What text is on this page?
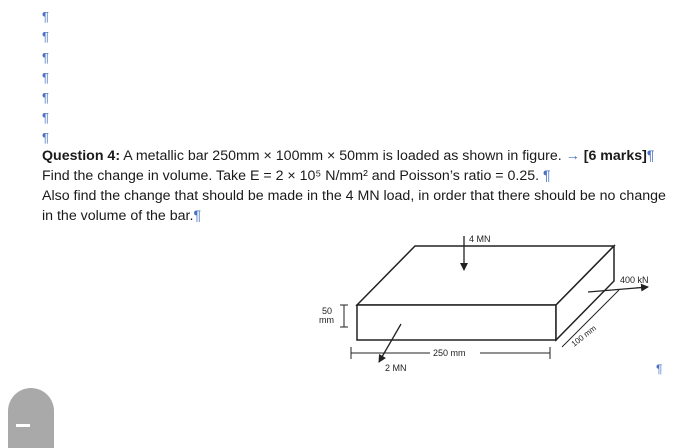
¶
¶
¶
¶
¶
¶
¶
Question 4: A metallic bar 250mm × 100mm × 50mm is loaded as shown in figure. → [6 marks]¶
Find the change in volume. Take E = 2 × 10⁵ N/mm² and Poisson’s ratio = 0.25. ¶
Also find the change that should be made in the 4 MN load, in order that there should be no change
in the volume of the bar.¶
4 MN
400 kN
2 MN
50
mm
250 mm
100 mm
¶
